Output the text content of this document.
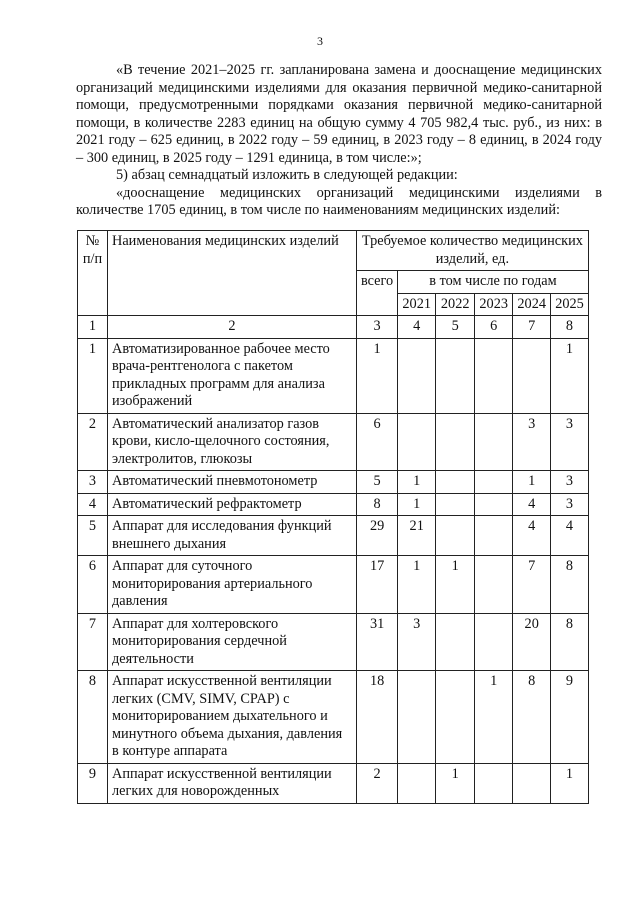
3

«В течение 2021–2025 гг. запланирована замена и дооснащение медицинских организаций медицинскими изделиями для оказания первичной медико-санитарной помощи, предусмотренными порядками оказания первичной медико-санитарной помощи, в количестве 2283 единиц на общую сумму 4 705 982,4 тыс. руб., из них: в 2021 году – 625 единиц, в 2022 году – 59 единиц, в 2023 году – 8 единиц, в 2024 году – 300 единиц, в 2025 году – 1291 единица, в том числе:»;

5) абзац семнадцатый изложить в следующей редакции:

«дооснащение медицинских организаций медицинскими изделиями в количестве 1705 единиц, в том числе по наименованиям медицинских изделий:

№ п/п	Наименования медицинских изделий	Требуемое количество медицинских изделий, ед.					
		всего	в том числе по годам				
			2021	2022	2023	2024	2025
1	2	3	4	5	6	7	8
1	Автоматизированное рабочее место врача-рентгенолога с пакетом прикладных программ для анализа изображений	1					1
2	Автоматический анализатор газов крови, кисло-щелочного состояния, электролитов, глюкозы	6				3	3
3	Автоматический пневмотонометр	5	1			1	3
4	Автоматический рефрактометр	8	1			4	3
5	Аппарат для исследования функций внешнего дыхания	29	21			4	4
6	Аппарат для суточного мониторирования артериального давления	17	1	1		7	8
7	Аппарат для холтеровского мониторирования сердечной деятельности	31	3			20	8
8	Аппарат искусственной вентиляции легких (CMV, SIMV, CPAP) с мониторированием дыхательного и минутного объема дыхания, давления в контуре аппарата	18			1	8	9
9	Аппарат искусственной вентиляции легких для новорожденных	2		1			1
